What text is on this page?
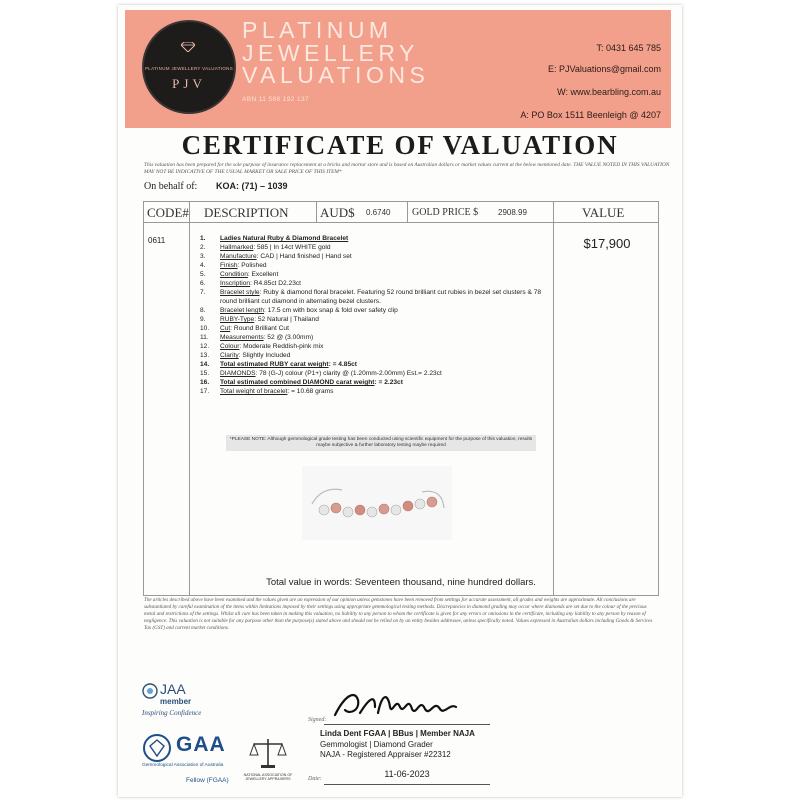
PLATINUM JEWELLERY VALUATIONS
PJV
PLATINUM
JEWELLERY
VALUATIONS
ABN 11 588 192 137
T: 0431 645 785
E: PJValuations@gmail.com
W: www.bearbling.com.au
A: PO Box 1511 Beenleigh @ 4207
CERTIFICATE OF VALUATION
This valuation has been prepared for the sole purpose of insurance replacement at a bricks and mortar store and is based on Australian dollars or market values current at the below mentioned date. THE VALUE NOTED IN THIS VALUATION MAY NOT BE INDICATIVE OF THE USUAL MARKET OR SALE PRICE OF THIS ITEM*
On behalf of: KOA: (71) – 1039
CODE# DESCRIPTION AUD$ 0.6740 GOLD PRICE $ 2908.99	VALUE
0611	$17,900
1.	Ladies Natural Ruby & Diamond Bracelet
2.	Hallmarked: 585 | In 14ct WHITE gold
3.	Manufacture: CAD | Hand finished | Hand set
4.	Finish: Polished
5.	Condition: Excellent
6.	Inscription: R4.85ct D2.23ct
7.	Bracelet style: Ruby & diamond floral bracelet. Featuring 52 round brilliant cut rubies in bezel set clusters & 78 round brilliant cut diamond in alternating bezel clusters.
8.	Bracelet length: 17.5 cm with box snap & fold over safety clip
9.	RUBY-Type: 52 Natural | Thailand
10.	Cut: Round Brilliant Cut
11.	Measurements: 52 @ (3.00mm)
12.	Colour: Moderate Reddish-pink mix
13.	Clarity: Slightly Included
14.	Total estimated RUBY carat weight: = 4.85ct
15.	DIAMONDS: 78 (G-J) colour (P1+) clarity @ (1.20mm-2.00mm) Est.= 2.23ct
16.	Total estimated combined DIAMOND carat weight: = 2.23ct
17.	Total weight of bracelet: = 10.68 grams
*PLEASE NOTE: Although gemmological grade testing has been conducted using scientific equipment for the purpose of this valuation, results maybe subjective & further laboratory testing maybe required
Total value in words: Seventeen thousand, nine hundred dollars.
The articles described above have been examined and the values given are an expression of our opinion unless gemstones have been removed from settings for accurate assessment, all grades and weights are approximate. All conclusions are substantiated by careful examination of the items within limitations imposed by their settings using appropriate gemmological testing methods. Discrepancies in diamond grading may occur where diamonds are set due to the colour of the precious metal and restrictions of the settings. Whilst all care has been taken in making this valuation, no liability to any person to whom the certificate is given for any errors or omissions in the certificate, including any liability to any person by reason of negligence. This valuation is not suitable for any purpose other than the purpose(s) stated above and should not be relied on by an entity besides addressee, unless specifically noted. Values expressed in Australian dollars including Goods & Services Tax (GST) and current market conditions.
JAA
member
Inspiring Confidence
GAA
Gemmological Association of Australia
Fellow (FGAA)
NATIONAL ASSOCIATION OF JEWELLERY APPRAISERS
Signed:
Linda Dent FGAA | BBus | Member NAJA
Gemmologist | Diamond Grader
NAJA - Registered Appraiser #22312
Date:	11-06-2023
